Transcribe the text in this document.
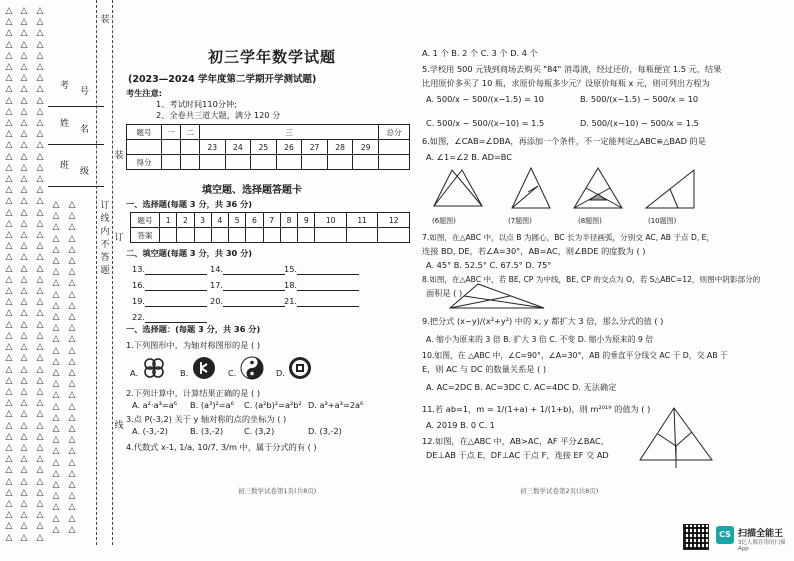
△
△
△
△
△
△
△
△
△
△
△
△
△
△
△
△
△
△
△
△
△
△
△
△
△
△
△
△
△
△
△
△
△
△
△
△
△
△
△
△
△
△
△
△
△
△
△
△
△
△
△
△
△
△
△
△
△
△
△
△
△
△
△
△
△
△
△
△
△
△
△
△
△
△
△
△
△
△
△
△
△
△
△
△
△
△
△
△
△
△
△
△
△
△
△
△
△
△
△
△
△
△
△
△
△
△
△
△
△
△
△
△
△
△
△
△
△
△
△
△
△
△
△
△
△
△
△
△
△
△
△
△
△
△
△
△
△
△
△
△
△
△
△
△
△
△
△
△
△
△
△
△
△
△
△
△
△
△
△
△
△
△
△
△
△
△
△
△
△
△
△
△
△
△
△
△
△
△
△
△
△
△
△
△
△
△
△
△
△
△
△
△
△
△
△
△
△
△
△
△
△
△
△
△
考
号
姓
名
班
级
装
装
订
线
内
不
答
题
订
线
初三学年数学试题
(2023—2024 学年度第二学期开学测试题)
考生注意:
1、考试时间110分钟;
2、全卷共三道大题，满分 120 分
题号	一	二	三							总分
			23	24	25	26	27	28	29	
得分										
填空题、选择题答题卡
一、选择题(每题 3 分，共 36 分)
题号	1	2	3	4	5	6	7	8	9	10	11	12
答案												
二、填空题(每题 3 分，共 30 分)
13.	14.	15.
16.	17.	18.
19.	20.	21.
22.
一、选择题：(每题 3 分，共 36 分)
1.下列图形中，为轴对称图形的是 ( )
A.	B.	C.	D.
2.下列计算中，计算结果正确的是 ( )
A. a²·a³=a⁶ B. (a³)²=a⁶ C. (a²b)²=a²b² D. a³+a³=2a⁶
3.点 P(-3,2) 关于 y 轴对称的点的坐标为 ( )
A. (-3,-2)	B. (3,-2)	C. (3,2)	D. (3,-2)
4.代数式 x-1, 1/a, 10/7, 3/m 中，属于分式的有 ( )
初三数学试卷第1页(共8页)
A. 1 个 B. 2 个 C. 3 个 D. 4 个
5.学校用 500 元钱到商场去购买 "84" 消毒液，经过还价，每瓶便宜 1.5 元，结果
比用原价多买了 10 瓶，求原价每瓶多少元？设原价每瓶 x 元，则可列出方程为
A. 500/x − 500/(x−1.5) = 10	B. 500/(x−1.5) − 500/x = 10
C. 500/x − 500/(x−10) = 1.5	D. 500/(x−10) − 500/x = 1.5
6.如图，∠CAB=∠DBA，再添加一个条件，不一定能判定△ABC≌△BAD 的是
A. ∠1=∠2 B. AD=BC
(6题图)	(7题图)	(8题图)	(10题图)
7.如图，在△ABC 中，以点 B 为圆心，BC 长为半径画弧，分别交 AC, AB 于点 D, E，
连接 BD, DE，若∠A=30°，AB=AC，则∠BDE 的度数为 ( )
A. 45° B. 52.5° C. 67.5° D. 75°
8.如图，在△ABC 中，若 BE, CP 为中线，BE, CP 的交点为 O，若 S△ABC=12，则图中阴影部分的
面积是 ( )
9.把分式 (x−y)/(x²+y²) 中的 x, y 都扩大 3 倍，那么分式的值 ( )
A. 缩小为原来的 3 倍 B. 扩大 3 倍 C. 不变 D. 缩小为原来的 9 倍
10.如图，在 △ABC 中，∠C=90°，∠A=30°，AB 的垂直平分线交 AC 于 D，交 AB 于
E，则 AC 与 DC 的数量关系是 ( )
A. AC=2DC B. AC=3DC C. AC=4DC D. 无法确定
11.若 ab=1，m = 1/(1+a) + 1/(1+b)，则 m²⁰¹⁹ 的值为 ( )
A. 2019 B. 0 C. 1
12.如图，在△ABC 中，AB>AC，AF 平分∠BAC，
DE⊥AB 于点 E，DF⊥AC 于点 F，连接 EF 交 AD
初三数学试卷第2页(共8页)
CS 扫描全能王
3亿人都在用的扫描App
